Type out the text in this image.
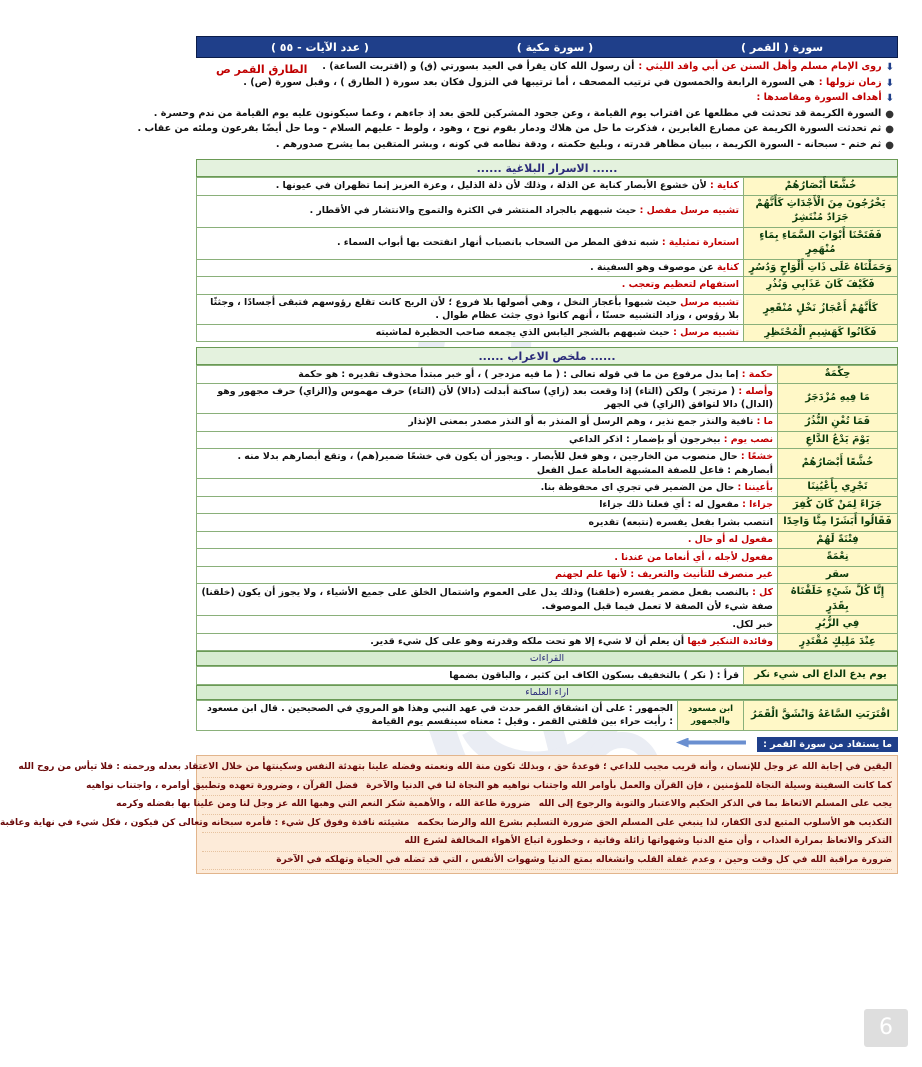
سورة ( القمر )
( سورة مكية )
( عدد الآيات - ٥٥ )
الطارق القمر ص	⬇
روى الإمام مسلم وأهل السنن عن أبي واقد الليثي :
أن رسول الله كان يقرأ في العيد بسورتي (ق) و (اقتربت الساعة) .
⬇
زمان نزولها :
هي السورة الرابعة والخمسون في ترتيب المصحف ، أما ترتيبها في النزول فكان بعد سورة ( الطارق ) ، وقبل سورة (ص) .
⬇
أهداف السورة ومقاصدها :
●
السورة الكريمة قد تحدثت في مطلعها عن اقتراب يوم القيامة ، وعن جحود المشركين للحق بعد إذ جاءهم ، وعما سيكونون عليه يوم القيامة من ندم وحسرة .
●
ثم تحدثت السورة الكريمة عن مصارع الغابرين ، فذكرت ما حل من هلاك ودمار بقوم نوح ، وهود ، ولوط - عليهم السلام - وما حل أيضًا بفرعون وملئه من عقاب .
●
ثم ختم - سبحانه - السورة الكريمة ، ببيان مظاهر قدرته ، وبليغ حكمته ، ودقة نظامه في كونه ، وبشر المتقين بما يشرح صدورهم .
...... الاسرار البلاغية ......
خُشَّعًا أَبْصَارُهُمْ	كناية : لأن خشوع الأبصار كناية عن الذلة ، وذلك لأن ذلة الذليل ، وعزة العزيز إنما تظهران في عيونها .
يَخْرُجُونَ مِنَ الْأَجْدَاثِ كَأَنَّهُمْ جَرَادٌ مُنْتَشِرٌ	تشبيه مرسل مفصل : حيث شبههم بالجراد المنتشر في الكثرة والتموج والانتشار في الأقطار .
فَفَتَحْنَا أَبْوَابَ السَّمَاءِ بِمَاءٍ مُنْهَمِرٍ	استعارة تمثيلية : شبه تدفق المطر من السحاب بانصباب أنهار انفتحت بها أبواب السماء .
وَحَمَلْنَاهُ عَلَى ذَاتِ أَلْوَاحٍ وَدُسُرٍ	كناية عن موصوف وهو السفينة .
فَكَيْفَ كَانَ عَذَابِي وَنُذُرِ	استفهام لتعظيم وتعجب .
كَأَنَّهُمْ أَعْجَازُ نَخْلٍ مُنْقَعِرٍ	تشبيه مرسل حيث شبهوا بأعجاز النخل ، وهي أصولها بلا فروع ؛ لأن الريح كانت تقلع رؤوسهم فتبقى أجسادًا ، وجثثًا بلا رؤوس ، وزاد التشبيه حسنًا ، أنهم كانوا ذوي جثث عظام طوال .
فَكَانُوا كَهَشِيمِ الْمُحْتَظِرِ	تشبيه مرسل : حيث شبههم بالشجر اليابس الذي يجمعه صاحب الحظيرة لماشيته
...... ملخص الاعراب ......
حِكْمَةٌ	حكمة : إما بدل مرفوع من ما في قوله تعالى : ( ما فيه مزدجر ) ، أو خبر مبتدأ محذوف تقديره : هو حكمة
مَا فِيهِ مُزْدَجَرٌ	وأصله : ( مزتجر ) ولكن (التاء) إذا وقعت بعد (زاي) ساكنة أبدلت (دالا) لأن (التاء) حرف مهموس و(الزاي) حرف مجهور وهو (الدال) دالا لتوافق (الزاي) في الجهر
فَمَا تُغْنِ النُّذُرُ	ما : نافية والنذر جمع نذير ، وهم الرسل أو المنذر به أو النذر مصدر بمعنى الإنذار
يَوْمَ يَدْعُ الدَّاعِ	نصب يوم : بيخرجون أو بإضمار : اذكر الداعي
خُشَّعًا أَبْصَارُهُمْ	خشعًا : حال منصوب من الخارجين ، وهو فعل للأبصار . ويجوز أن يكون في خشعًا ضمير(هم) ، وتقع أبصارهم بدلا منه . أبصارهم : فاعل للصفة المشبهة العاملة عمل الفعل
تَجْرِي بِأَعْيُنِنَا	بأعيننا : حال من الضمير في تجري اى محفوظة بنا.
جَزَاءً لِمَنْ كَانَ كُفِرَ	جزاءا : مفعول له : أي فعلنا ذلك جزاءا
فَقَالُوا أَبَشَرًا مِنَّا وَاحِدًا	انتصب بشرا بفعل يفسره (نتبعه) تقديره
فِتْنَةً لَهُمْ	مفعول له أو حال .
نِعْمَةً	مفعول لأجله ، أي أنعاما من عندنا .
سقر	غير منصرف للتأنيث والتعريف : لأنها علم لجهنم
إِنَّا كُلَّ شَيْءٍ خَلَقْنَاهُ بِقَدَرٍ	كل : بالنصب بفعل مضمر يفسره (خلقنا) وذلك يدل على العموم واشتمال الخلق على جميع الأشياء ، ولا يجوز أن يكون (خلقنا) صفة شيء لأن الصفة لا تعمل فيما قبل الموصوف.
فِي الزُّبُرِ	خبر لكل.
عِنْدَ مَلِيكٍ مُقْتَدِرٍ	وفائدة التنكير فيها أن يعلم أن لا شيء إلا هو تحت ملكه وقدرته وهو على كل شيء قدير.
القراءات
يوم يدع الداع الى شيء نكر	قرأ : ( نكر ) بالتخفيف بسكون الكاف ابن كثير ، والباقون بضمها
اراء العلماء
اقْتَرَبَتِ السَّاعَةُ وَانْشَقَّ الْقَمَرُ	ابن مسعود والجمهور	الجمهور : على أن انشقاق القمر حدث في عهد النبي وهذا هو المروي في الصحيحين . قال ابن مسعود : رأيت حراء بين فلقتي القمر . وقيل : معناه سينقسم يوم القيامة
ما يستفاد من سورة القمر :
اليقين في إجابة الله عز وجل للإنسان ، وأنه قريب مجيب للداعي ؛ فوعدهُ حق ، وبذلك تكون منة الله ونعمته وفضله علينا بتهدئة النفس وسكينتها من خلال الاعتقاد بعدله ورحمته : فلا تيأس من روح الله
كما كانت السفينة وسيلة النجاة للمؤمنين ، فإن القرآن والعمل بأوامر الله واجتناب نواهيه هو النجاة لنا في الدنيا والآخرة
فضل القرآن ، وضرورة تعهده وتطبيق أوامره ، واجتناب نواهيه
يجب على المسلم الاتعاظ بما في الذكر الحكيم والاعتبار والتوبة والرجوع إلى الله
ضرورة طاعة الله ، والأهمية شكر النعم التي وهبها الله عز وجل لنا ومن علينا بها بفضله وكرمه
التكذيب هو الأسلوب المتبع لدى الكفار، لذا ينبغي على المسلم الحق ضرورة التسليم بشرع الله والرضا بحكمه
مشيئته نافذة وفوق كل شيء : فأمره سبحانه وتعالى كن فيكون ، فكل شيء في نهاية وعاقبة
التذكر والاتعاظ بمرارة العذاب ، وأن متع الدنيا وشهواتها زائلة وفانية ، وخطورة اتباع الأهواء المخالفة لشرع الله
ضرورة مراقبة الله في كل وقت وحين ، وعدم غفلة القلب وانشغاله بمتع الدنيا وشهوات الأنفس ، التي قد تضله في الحياة وتهلكه في الآخرة
6
